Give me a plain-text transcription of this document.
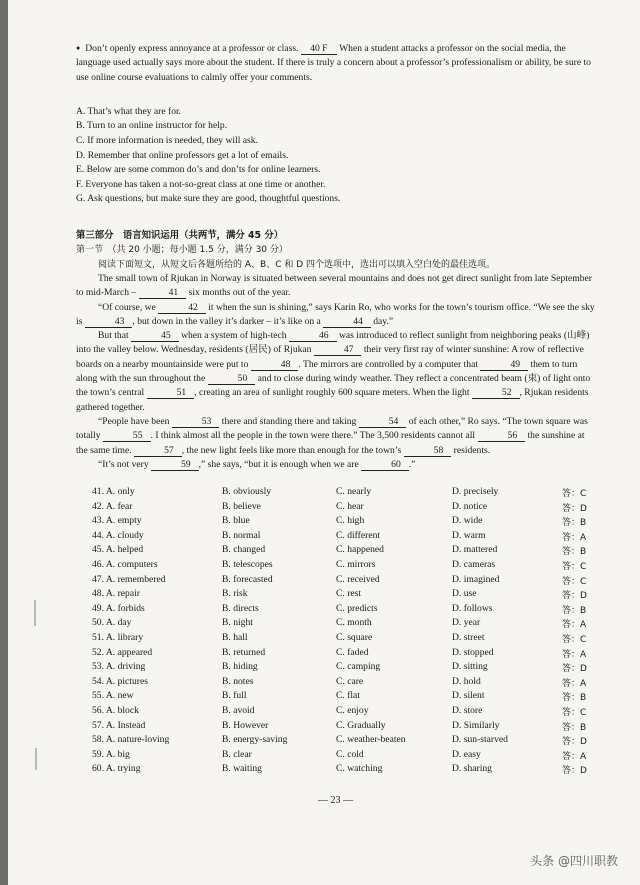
● Don’t openly express annoyance at a professor or class. 40 F When a student attacks a professor on the social media, the language used actually says more about the student. If there is truly a concern about a professor’s professionalism or ability, be sure to use online course evaluations to calmly offer your comments.

A. That’s what they are for.

B. Turn to an online instructor for help.

C. If more information is needed, they will ask.

D. Remember that online professors get a lot of emails.

E. Below are some common do’s and don’ts for online learners.

F. Everyone has taken a not-so-great class at one time or another.

G. Ask questions, but make sure they are good, thoughtful questions.

第三部分　语言知识运用（共两节，满分 45 分）

第一节　（共 20 小题；每小题 1.5 分，满分 30 分）

阅读下面短文，从短文后各题所给的 A、B、C 和 D 四个选项中，选出可以填入空白处的最佳选项。

The small town of Rjukan in Norway is situated between several mountains and does not get direct sunlight from late September to mid-March –	41 six months out of the year.

“Of course, we	42 it when the sun is shining,” says Karin Ro, who works for the town’s tourism office. “We see the sky is	43 , but down in the valley it’s darker – it’s like on a	44 day.”

But that	45 when a system of high-tech	46 was introduced to reflect sunlight from neighboring peaks (山峰) into the valley below. Wednesday, residents (居民) of Rjukan	47 their very first ray of winter sunshine: A row of reflective boards on a nearby mountainside were put to	48 . The mirrors are controlled by a computer that	49 them to turn along with the sun throughout the	50 and to close during windy weather. They reflect a concentrated beam (束) of light onto the town’s central	51 , creating an area of sunlight roughly 600 square meters. When the light	52 , Rjukan residents gathered together.

“People have been	53 there and standing there and taking	54 of each other,” Ro says. “The town square was totally	55 . I think almost all the people in the town were there.” The 3,500 residents cannot all	56 the sunshine at the same time.	57 , the new light feels like more than enough for the town’s	58 residents.

“It’s not very	59 ,” she says, “but it is enough when we are	60 .”

41. A. only	B. obviously	C. nearly	D. precisely	答：C
42. A. fear	B. believe	C. hear	D. notice	答：D
43. A. empty	B. blue	C. high	D. wide	答：B
44. A. cloudy	B. normal	C. different	D. warm	答：A
45. A. helped	B. changed	C. happened	D. mattered	答：B
46. A. computers	B. telescopes	C. mirrors	D. cameras	答：C
47. A. remembered	B. forecasted	C. received	D. imagined	答：C
48. A. repair	B. risk	C. rest	D. use	答：D
49. A. forbids	B. directs	C. predicts	D. follows	答：B
50. A. day	B. night	C. month	D. year	答：A
51. A. library	B. hall	C. square	D. street	答：C
52. A. appeared	B. returned	C. faded	D. stopped	答：A
53. A. driving	B. hiding	C. camping	D. sitting	答：D
54. A. pictures	B. notes	C. care	D. hold	答：A
55. A. new	B. full	C. flat	D. silent	答：B
56. A. block	B. avoid	C. enjoy	D. store	答：C
57. A. Instead	B. However	C. Gradually	D. Similarly	答：B
58. A. nature-loving	B. energy-saving	C. weather-beaten	D. sun-starved	答：D
59. A. big	B. clear	C. cold	D. easy	答：A
60. A. trying	B. waiting	C. watching	D. sharing	答：D
— 23 —
头条 @四川职教
